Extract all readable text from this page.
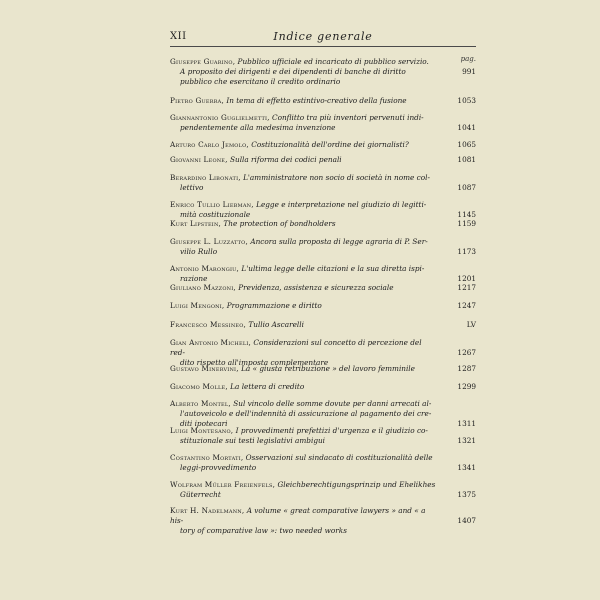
XII	Indice generale
pag.
Giuseppe Guarino, Pubblico ufficiale ed incaricato di pubblico servizio.
A proposito dei dirigenti e dei dipendenti di banche di diritto pubblico che esercitano il credito ordinario
991
Pietro Guerra, In tema di effetto estintivo-creativo della fusione	1053
Giannantonio Guglielmetti, Conflitto tra più inventori pervenuti indi-
pendentemente alla medesima invenzione	1041
Arturo Carlo Jemolo, Costituzionalità dell'ordine dei giornalisti?	1065
Giovanni Leone, Sulla riforma dei codici penali	1081
Berardino Libonati, L'amministratore non socio di società in nome col-
lettivo	1087
Enrico Tullio Liebman, Legge e interpretazione nel giudizio di legitti-
mità costituzionale	1145
Kurt Lipstein, The protection of bondholders	1159
Giuseppe L. Luzzatto, Ancora sulla proposta di legge agraria di P. Ser-
vilio Rullo	1173
Antonio Marongiu, L'ultima legge delle citazioni e la sua diretta ispi-
razione	1201
Giuliano Mazzoni, Previdenza, assistenza e sicurezza sociale	1217
Luigi Mengoni, Programmazione e diritto	1247
Francesco Messineo, Tullio Ascarelli	LV
Gian Antonio Micheli, Considerazioni sul concetto di percezione del red-
dito rispetto all'imposta complementare
1267
Gustavo Minervini, La « giusta retribuzione » del lavoro femminile	1287
Giacomo Molle, La lettera di credito	1299
Alberto Montel, Sul vincolo delle somme dovute per danni arrecati al-
l'autoveicolo e dell'indennità di assicurazione al pagamento dei cre-
diti ipotecari	1311
Luigi Montesano, I provvedimenti prefettizi d'urgenza e il giudizio co-
stituzionale sui testi legislativi ambigui	1321
Costantino Mortati, Osservazioni sul sindacato di costituzionalità delle
leggi-provvedimento	1341
Wolfram Müller Freienfels, Gleichberechtigungsprinzip und Ehelikhes
Güterrecht	1375
Kurt H. Nadelmann, A volume « great comparative lawyers » and « a his-
tory of comparative law »: two needed works
1407
